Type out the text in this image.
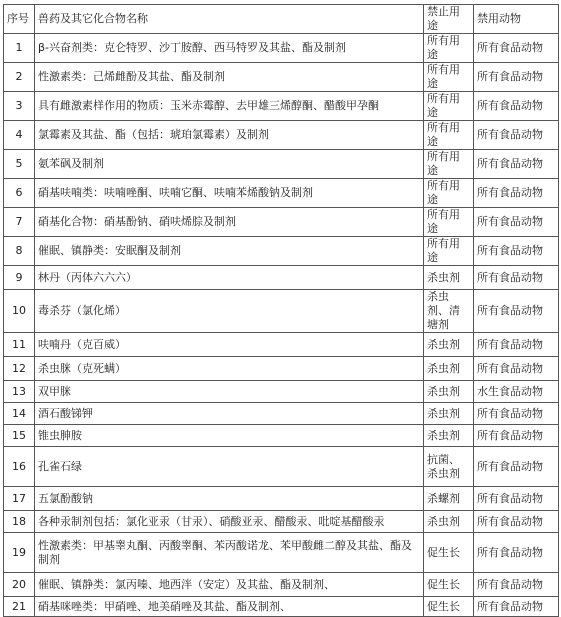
序号	兽药及其它化合物名称	禁止用途	禁用动物
1	β-兴奋剂类：克仑特罗、沙丁胺醇、西马特罗及其盐、酯及制剂	所有用途	所有食品动物
2	性激素类：己烯雌酚及其盐、酯及制剂	所有用途	所有食品动物
3	具有雌激素样作用的物质：玉米赤霉醇、去甲雄三烯醇酮、醋酸甲孕酮	所有用途	所有食品动物
4	氯霉素及其盐、酯（包括：琥珀氯霉素）及制剂	所有用途	所有食品动物
5	氨苯砜及制剂	所有用途	所有食品动物
6	硝基呋喃类：呋喃唑酮、呋喃它酮、呋喃苯烯酸钠及制剂	所有用途	所有食品动物
7	硝基化合物：硝基酚钠、硝呋烯腙及制剂	所有用途	所有食品动物
8	催眠、镇静类：安眠酮及制剂	所有用途	所有食品动物
9	林丹（丙体六六六）	杀虫剂	所有食品动物
10	毒杀芬（氯化烯）	杀虫剂、清塘剂	所有食品动物
11	呋喃丹（克百威）	杀虫剂	所有食品动物
12	杀虫脒（克死螨）	杀虫剂	所有食品动物
13	双甲脒	杀虫剂	水生食品动物
14	酒石酸锑钾	杀虫剂	所有食品动物
15	锥虫胂胺	杀虫剂	所有食品动物
16	孔雀石绿	抗菌、杀虫剂	所有食品动物
17	五氯酚酸钠	杀螺剂	所有食品动物
18	各种汞制剂包括：氯化亚汞（甘汞）、硝酸亚汞、醋酸汞、吡啶基醋酸汞	杀虫剂	所有食品动物
19	性激素类：甲基睾丸酮、丙酸睾酮、苯丙酸诺龙、苯甲酸雌二醇及其盐、酯及制剂	促生长	所有食品动物
20	催眠、镇静类：氯丙嗪、地西泮（安定）及其盐、酯及制剂、	促生长	所有食品动物
21	硝基咪唑类：甲硝唑、地美硝唑及其盐、酯及制剂、	促生长	所有食品动物
